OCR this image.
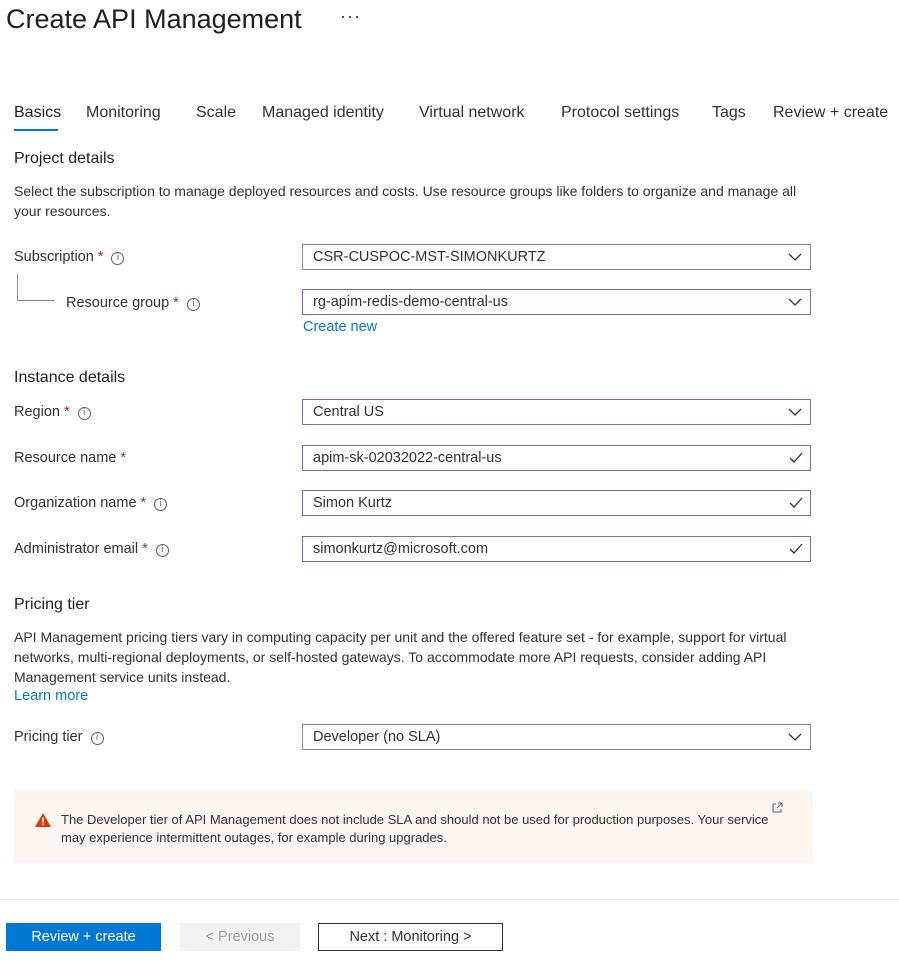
Create API Management ···
Basics Monitoring Scale Managed identity Virtual network Protocol settings Tags Review + create
Project details
Select the subscription to manage deployed resources and costs. Use resource groups like folders to organize and manage all your resources.
Subscription * i	CSR-CUSPOC-MST-SIMONKURTZ
Resource group * i	rg-apim-redis-demo-central-us
Create new
Instance details
Region * i	Central US
Resource name *	apim-sk-02032022-central-us
Organization name * i	Simon Kurtz
Administrator email * i	simonkurtz@microsoft.com
Pricing tier
API Management pricing tiers vary in computing capacity per unit and the offered feature set - for example, support for virtual networks, multi-regional deployments, or self-hosted gateways. To accommodate more API requests, consider adding API Management service units instead.
Learn more
Pricing tier i	Developer (no SLA)
The Developer tier of API Management does not include SLA and should not be used for production purposes. Your service may experience intermittent outages, for example during upgrades.
Review + create	< Previous	Next : Monitoring >
